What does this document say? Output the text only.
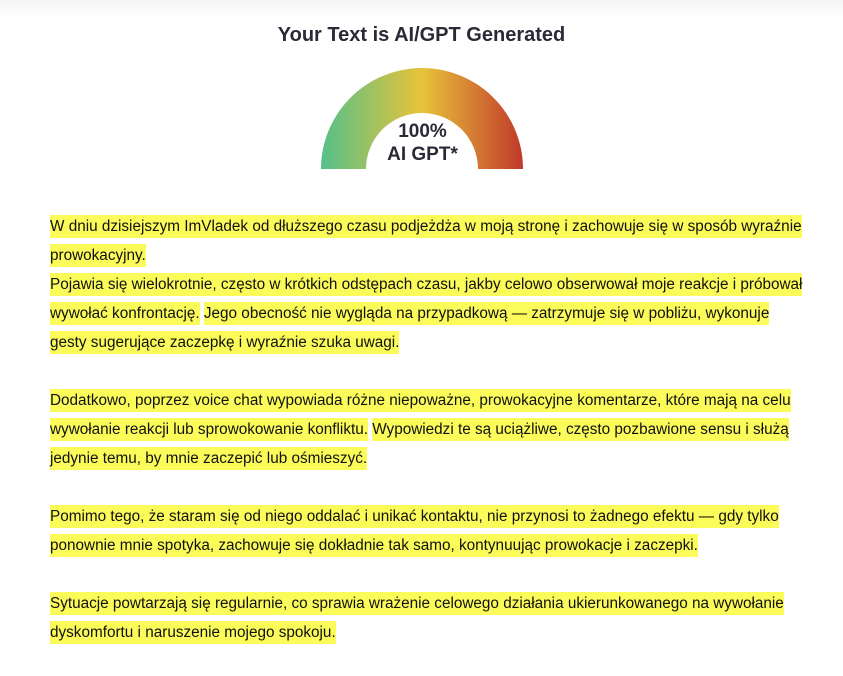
Your Text is AI/GPT Generated
100%
AI GPT*

W dniu dzisiejszym ImVladek od dłuższego czasu podjeżdża w moją stronę i zachowuje się w sposób wyraźnie prowokacyjny.
Pojawia się wielokrotnie, często w krótkich odstępach czasu, jakby celowo obserwował moje reakcje i próbował wywołać konfrontację. Jego obecność nie wygląda na przypadkową — zatrzymuje się w pobliżu, wykonuje gesty sugerujące zaczepkę i wyraźnie szuka uwagi.

Dodatkowo, poprzez voice chat wypowiada różne niepoważne, prowokacyjne komentarze, które mają na celu wywołanie reakcji lub sprowokowanie konfliktu. Wypowiedzi te są uciążliwe, często pozbawione sensu i służą jedynie temu, by mnie zaczepić lub ośmieszyć.

Pomimo tego, że staram się od niego oddalać i unikać kontaktu, nie przynosi to żadnego efektu — gdy tylko ponownie mnie spotyka, zachowuje się dokładnie tak samo, kontynuując prowokacje i zaczepki.

Sytuacje powtarzają się regularnie, co sprawia wrażenie celowego działania ukierunkowanego na wywołanie dyskomfortu i naruszenie mojego spokoju.
